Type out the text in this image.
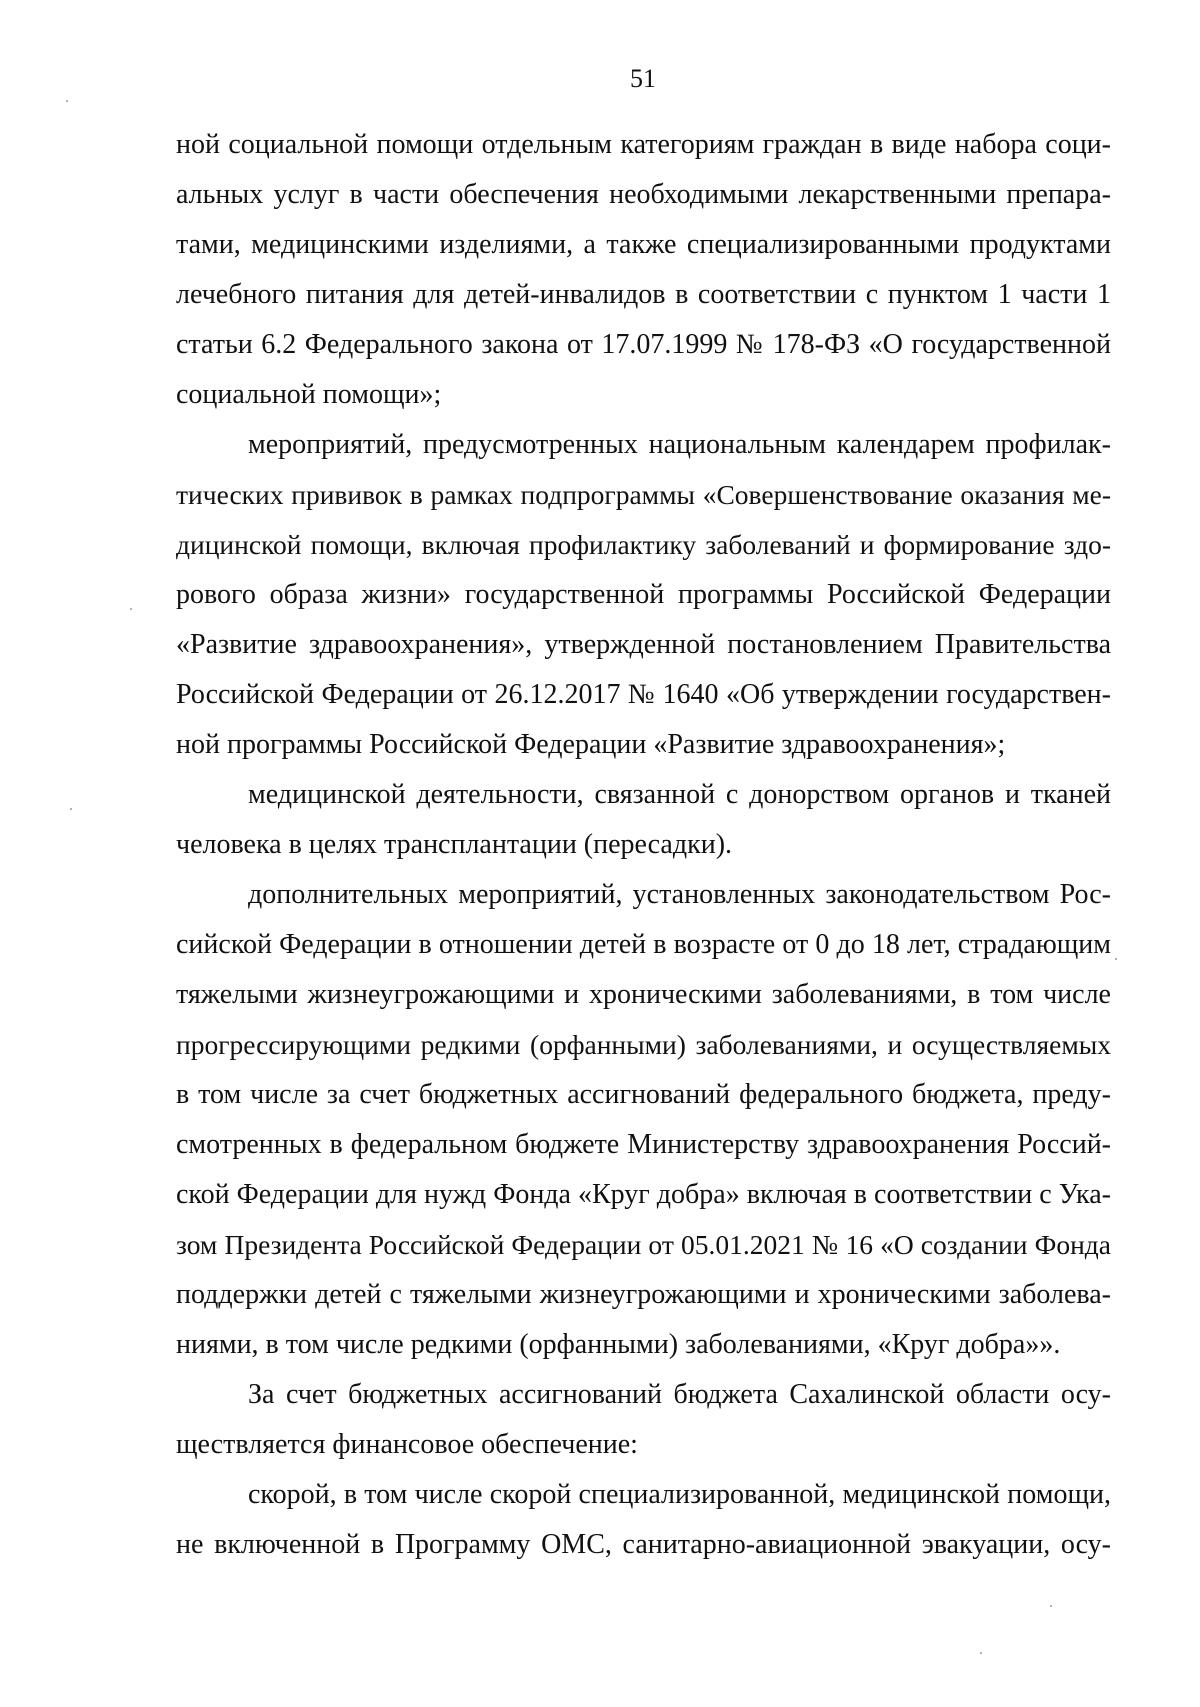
51
ной социальной помощи отдельным категориям граждан в виде набора соци-
альных услуг в части обеспечения необходимыми лекарственными препара-
тами, медицинскими изделиями, а также специализированными продуктами
лечебного питания для детей-инвалидов в соответствии с пунктом 1 части 1
статьи 6.2 Федерального закона от 17.07.1999 № 178-ФЗ «О государственной
социальной помощи»;
мероприятий, предусмотренных национальным календарем профилак-
тических прививок в рамках подпрограммы «Совершенствование оказания ме-
дицинской помощи, включая профилактику заболеваний и формирование здо-
рового образа жизни» государственной программы Российской Федерации
«Развитие здравоохранения», утвержденной постановлением Правительства
Российской Федерации от 26.12.2017 № 1640 «Об утверждении государствен-
ной программы Российской Федерации «Развитие здравоохранения»;
медицинской деятельности, связанной с донорством органов и тканей
человека в целях трансплантации (пересадки).
дополнительных мероприятий, установленных законодательством Рос-
сийской Федерации в отношении детей в возрасте от 0 до 18 лет, страдающим
тяжелыми жизнеугрожающими и хроническими заболеваниями, в том числе
прогрессирующими редкими (орфанными) заболеваниями, и осуществляемых
в том числе за счет бюджетных ассигнований федерального бюджета, преду-
смотренных в федеральном бюджете Министерству здравоохранения Россий-
ской Федерации для нужд Фонда «Круг добра» включая в соответствии с Ука-
зом Президента Российской Федерации от 05.01.2021 № 16 «О создании Фонда
поддержки детей с тяжелыми жизнеугрожающими и хроническими заболева-
ниями, в том числе редкими (орфанными) заболеваниями, «Круг добра»».
За счет бюджетных ассигнований бюджета Сахалинской области осу-
ществляется финансовое обеспечение:
скорой, в том числе скорой специализированной, медицинской помощи,
не включенной в Программу ОМС, санитарно-авиационной эвакуации, осу-
